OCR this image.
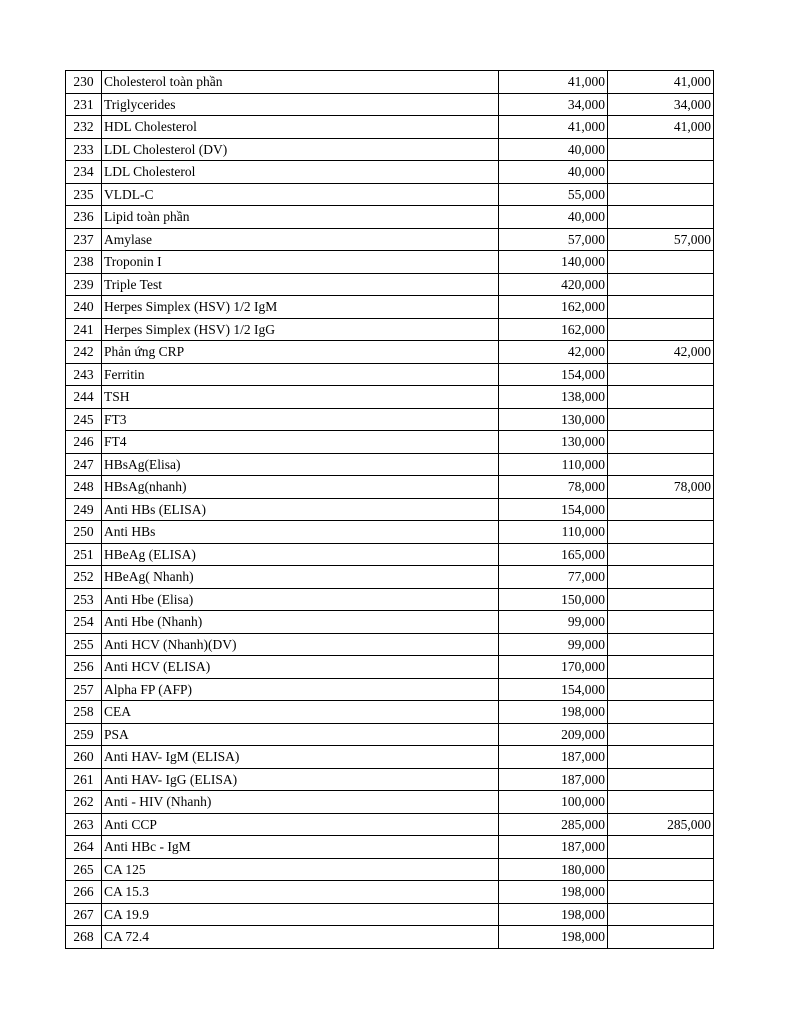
230	Cholesterol toàn phần	41,000	41,000
231	Triglycerides	34,000	34,000
232	HDL Cholesterol	41,000	41,000
233	LDL Cholesterol (DV)	40,000	
234	LDL Cholesterol	40,000	
235	VLDL-C	55,000	
236	Lipid toàn phần	40,000	
237	Amylase	57,000	57,000
238	Troponin I	140,000	
239	Triple Test	420,000	
240	Herpes Simplex (HSV) 1/2 IgM	162,000	
241	Herpes Simplex (HSV) 1/2 IgG	162,000	
242	Phản ứng CRP	42,000	42,000
243	Ferritin	154,000	
244	TSH	138,000	
245	FT3	130,000	
246	FT4	130,000	
247	HBsAg(Elisa)	110,000	
248	HBsAg(nhanh)	78,000	78,000
249	Anti HBs (ELISA)	154,000	
250	Anti HBs	110,000	
251	HBeAg (ELISA)	165,000	
252	HBeAg( Nhanh)	77,000	
253	Anti Hbe (Elisa)	150,000	
254	Anti Hbe (Nhanh)	99,000	
255	Anti HCV (Nhanh)(DV)	99,000	
256	Anti HCV (ELISA)	170,000	
257	Alpha FP (AFP)	154,000	
258	CEA	198,000	
259	PSA	209,000	
260	Anti HAV- IgM (ELISA)	187,000	
261	Anti HAV- IgG (ELISA)	187,000	
262	Anti - HIV (Nhanh)	100,000	
263	Anti CCP	285,000	285,000
264	Anti HBc - IgM	187,000	
265	CA 125	180,000	
266	CA 15.3	198,000	
267	CA 19.9	198,000	
268	CA 72.4	198,000	
